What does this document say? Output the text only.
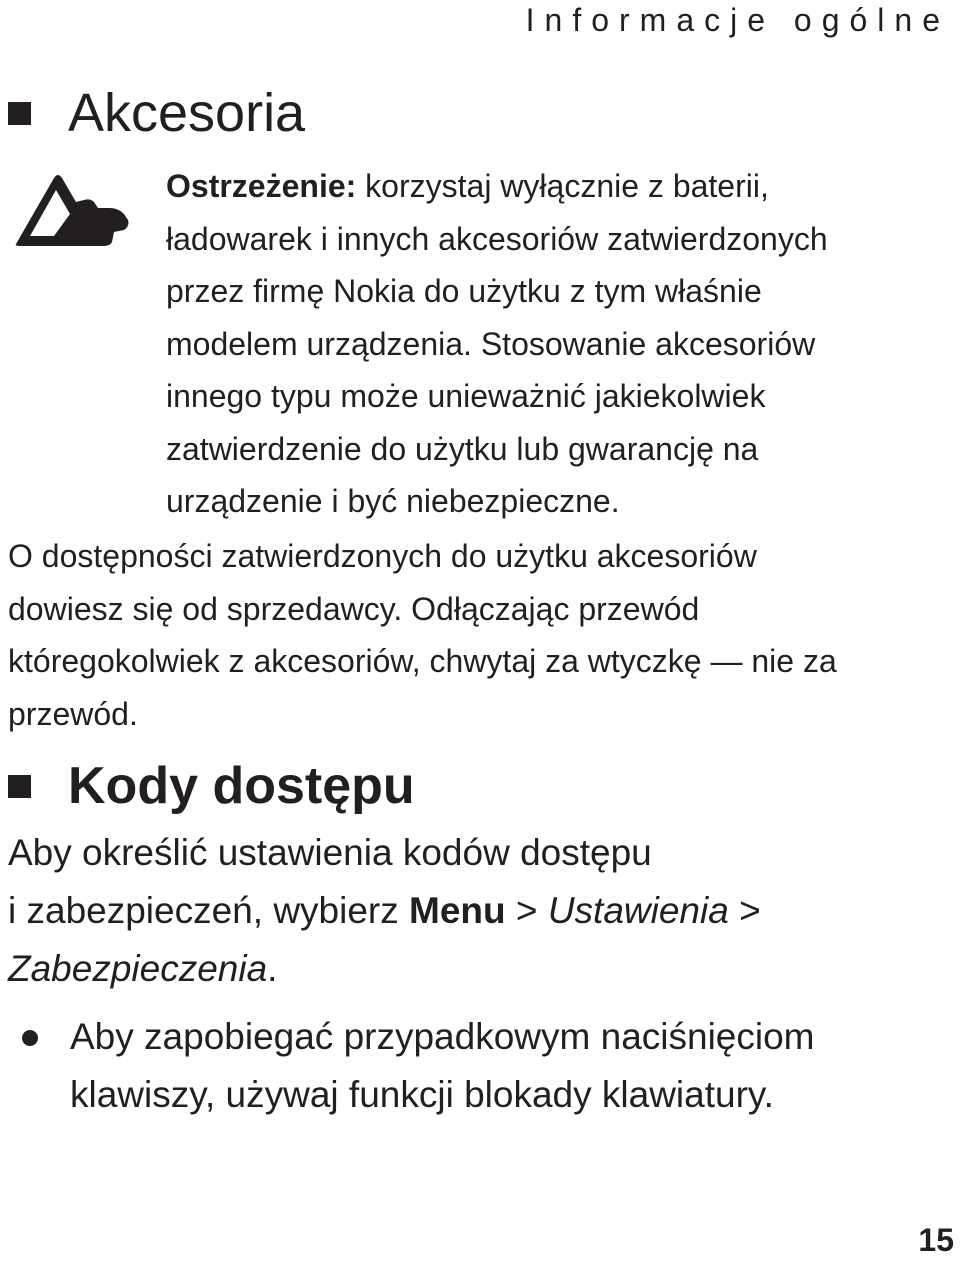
Informacje ogólne
Akcesoria
Ostrzeżenie: korzystaj wyłącznie z baterii,
ładowarek i innych akcesoriów zatwierdzonych
przez firmę Nokia do użytku z tym właśnie
modelem urządzenia. Stosowanie akcesoriów
innego typu może unieważnić jakiekolwiek
zatwierdzenie do użytku lub gwarancję na
urządzenie i być niebezpieczne.
O dostępności zatwierdzonych do użytku akcesoriów
dowiesz się od sprzedawcy. Odłączając przewód
któregokolwiek z akcesoriów, chwytaj za wtyczkę — nie za
przewód.
Kody dostępu
Aby określić ustawienia kodów dostępu
i zabezpieczeń, wybierz Menu > Ustawienia >
Zabezpieczenia.
Aby zapobiegać przypadkowym naciśnięciom
klawiszy, używaj funkcji blokady klawiatury.
15
